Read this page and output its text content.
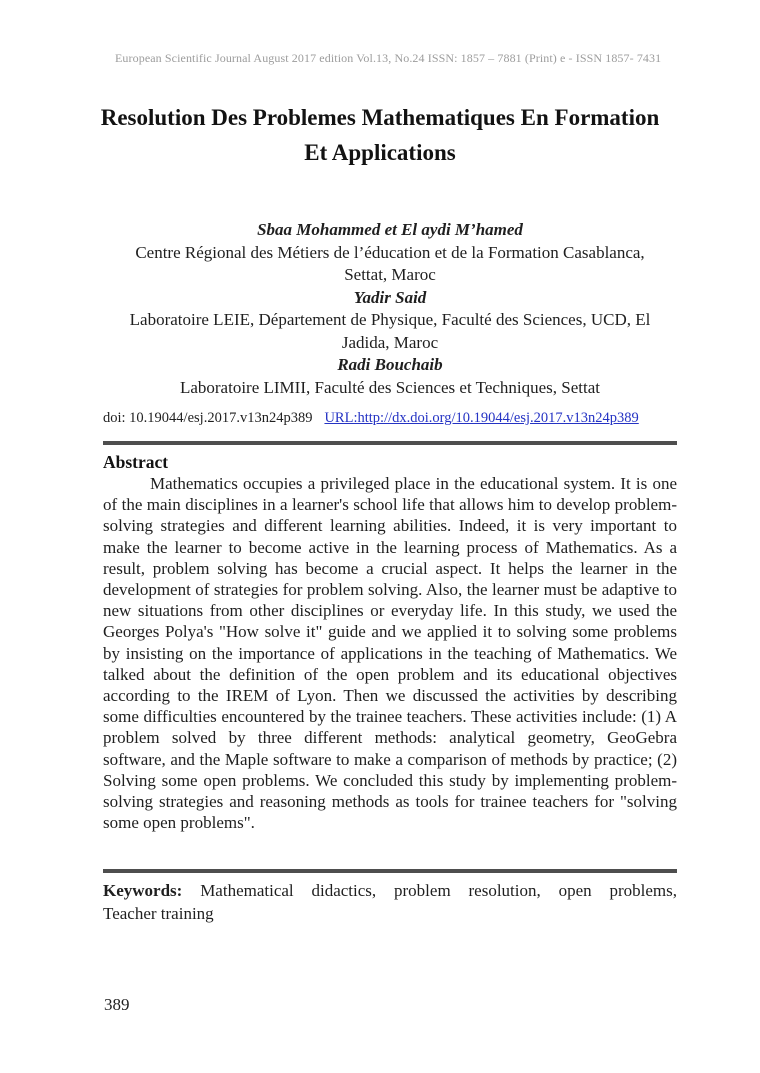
European Scientific Journal August 2017 edition Vol.13, No.24 ISSN: 1857 – 7881 (Print) e - ISSN 1857- 7431
Resolution Des Problemes Mathematiques En Formation
Et Applications
Sbaa Mohammed et El aydi M’hamed
Centre Régional des Métiers de l’éducation et de la Formation Casablanca,
Settat, Maroc
Yadir Said
Laboratoire LEIE, Département de Physique, Faculté des Sciences, UCD, El
Jadida, Maroc
Radi Bouchaib
Laboratoire LIMII, Faculté des Sciences et Techniques, Settat
doi: 10.19044/esj.2017.v13n24p389 URL:http://dx.doi.org/10.19044/esj.2017.v13n24p389
Abstract
Mathematics occupies a privileged place in the educational system. It is one of the main disciplines in a learner's school life that allows him to develop problem-solving strategies and different learning abilities. Indeed, it is very important to make the learner to become active in the learning process of Mathematics. As a result, problem solving has become a crucial aspect. It helps the learner in the development of strategies for problem solving. Also, the learner must be adaptive to new situations from other disciplines or everyday life. In this study, we used the Georges Polya's "How solve it" guide and we applied it to solving some problems by insisting on the importance of applications in the teaching of Mathematics. We talked about the definition of the open problem and its educational objectives according to the IREM of Lyon. Then we discussed the activities by describing some difficulties encountered by the trainee teachers. These activities include: (1) A problem solved by three different methods: analytical geometry, GeoGebra software, and the Maple software to make a comparison of methods by practice; (2) Solving some open problems. We concluded this study by implementing problem-solving strategies and reasoning methods as tools for trainee teachers for "solving some open problems".
Keywords: Mathematical didactics, problem resolution, open problems,
Teacher training
389
